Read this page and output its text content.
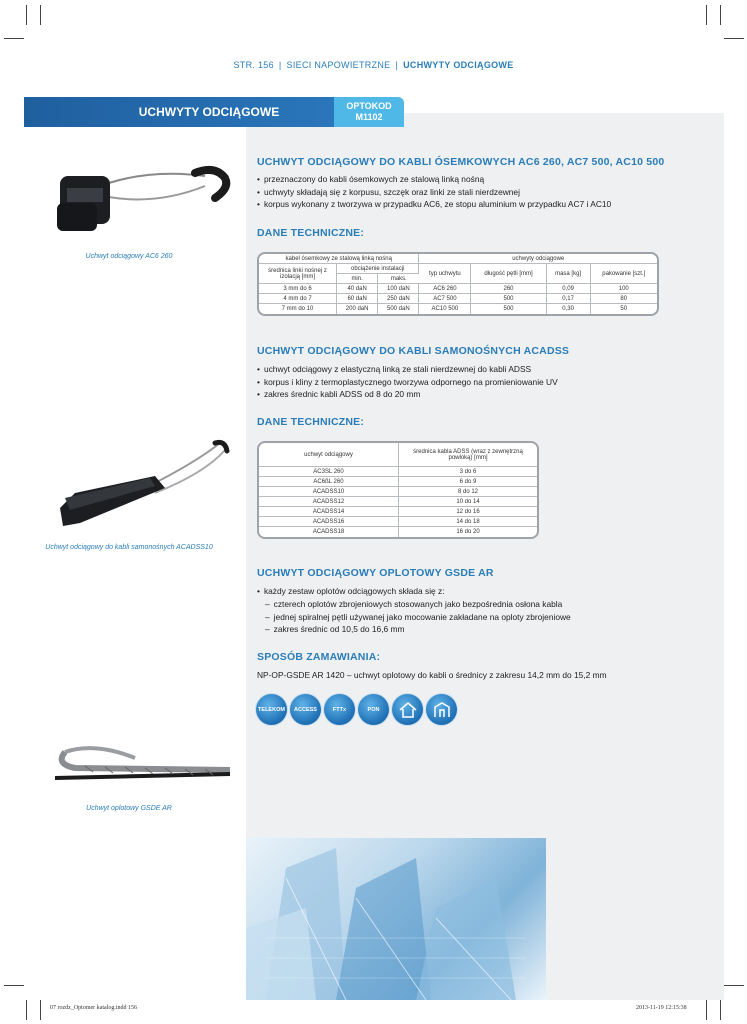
STR. 156 | SIECI NAPOWIETRZNE | UCHWYTY ODCIĄGOWE
UCHWYTY ODCIĄGOWE	OPTOKOD
M1102
Uchwyt odciągowy AC6 260
UCHWYT ODCIĄGOWY DO KABLI ÓSEMKOWYCH AC6 260, AC7 500, AC10 500
• przeznaczony do kabli ósemkowych ze stalową linką nośną
• uchwyty składają się z korpusu, szczęk oraz linki ze stali nierdzewnej
• korpus wykonany z tworzywa w przypadku AC6, ze stopu aluminium w przypadku AC7 i AC10
DANE TECHNICZNE:
kabel ósemkowy ze stalową linką nośną			uchwyty odciągowe			
średnica linki nośnej z izolacją [mm]	obciążenie instalacji		typ uchwytu	długość pętli [mm]	masa [kg]	pakowanie [szt.]
	min.	maks.				
3 mm do 6	40 daN	100 daN	AC6 260	260	0,09	100
4 mm do 7	60 daN	250 daN	AC7 500	500	0,17	80
7 mm do 10	200 daN	500 daN	AC10 500	500	0,30	50
UCHWYT ODCIĄGOWY DO KABLI SAMONOŚNYCH ACADSS
• uchwyt odciągowy z elastyczną linką ze stali nierdzewnej do kabli ADSS
• korpus i kliny z termoplastycznego tworzywa odpornego na promieniowanie UV
• zakres średnic kabli ADSS od 8 do 20 mm
DANE TECHNICZNE:
Uchwyt odciągowy do kabli samonośnych ACADSS10
uchwyt odciągowy	średnica kabla ADSS (wraz z zewnętrzną powłoką) [mm]
AC3SL 260	3 do 6
AC6ßL 260	6 do 9
ACADSS10	8 do 12
ACADSS12	10 do 14
ACADSS14	12 do 16
ACADSS16	14 do 18
ACADSS18	16 do 20
UCHWYT ODCIĄGOWY OPLOTOWY GSDE AR
• każdy zestaw oplotów odciągowych składa się z:
– czterech oplotów zbrojeniowych stosowanych jako bezpośrednia osłona kabla
– jednej spiralnej pętli używanej jako mocowanie zakładane na oploty zbrojeniowe
– zakres średnic od 10,5 do 16,6 mm
SPOSÓB ZAMAWIANIA:
NP-OP-GSDE AR 1420 – uchwyt oplotowy do kabli o średnicy z zakresu 14,2 mm do 15,2 mm
TELEKOM ACCESS	FTTx	PON
Uchwyt oplotowy GSDE AR
07 rozdz_Optomer katalog.indd 156	2013-11-19 12:15:38
